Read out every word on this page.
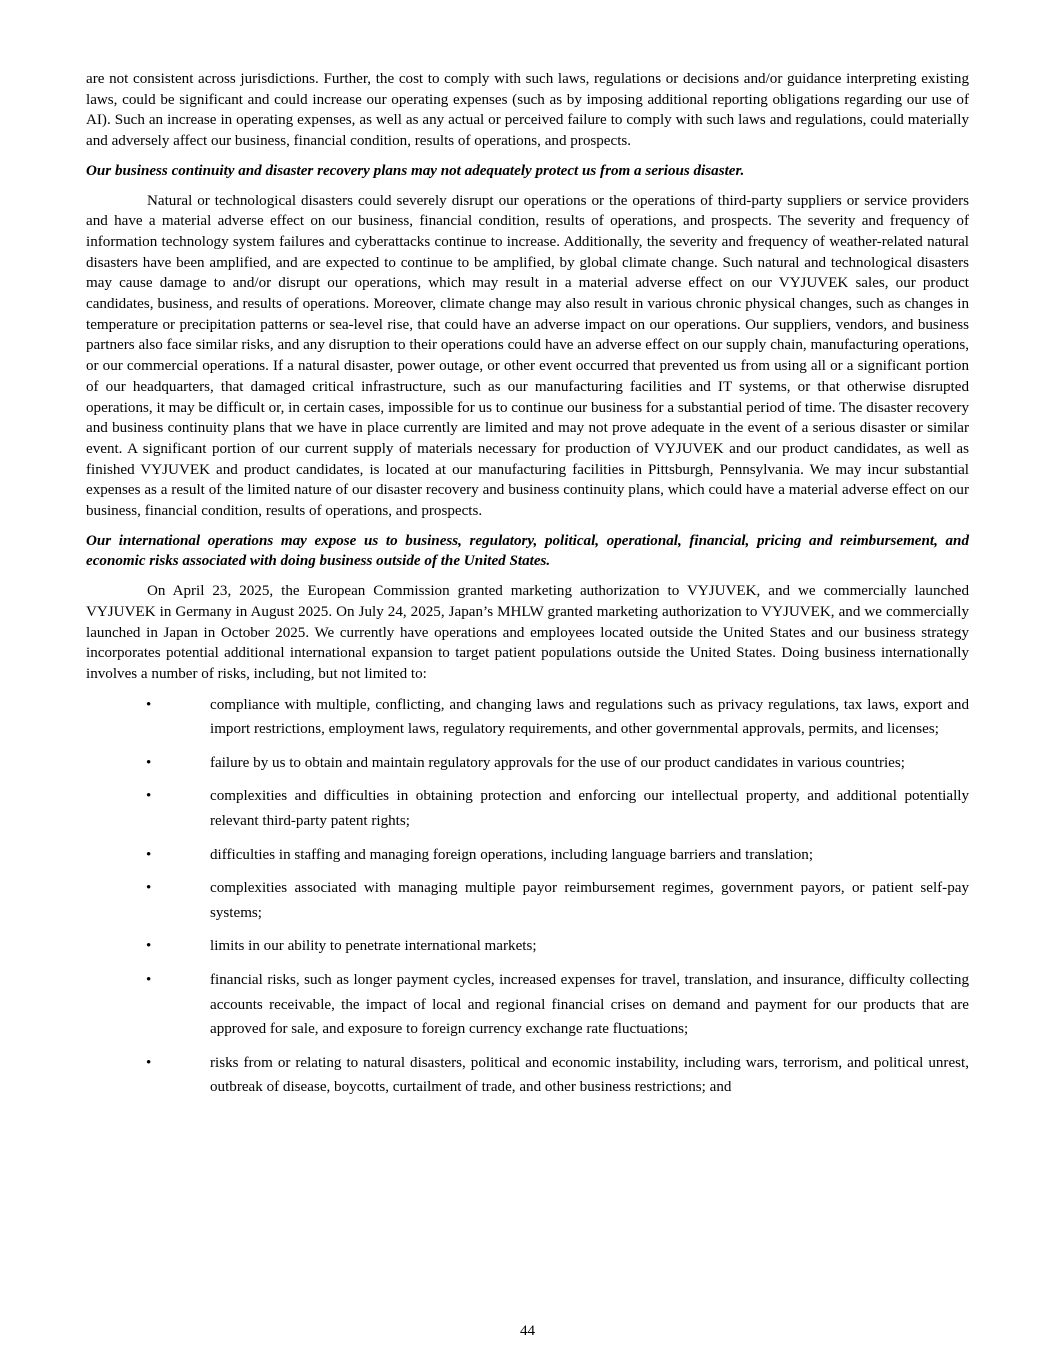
are not consistent across jurisdictions. Further, the cost to comply with such laws, regulations or decisions and/or guidance interpreting existing laws, could be significant and could increase our operating expenses (such as by imposing additional reporting obligations regarding our use of AI). Such an increase in operating expenses, as well as any actual or perceived failure to comply with such laws and regulations, could materially and adversely affect our business, financial condition, results of operations, and prospects.

Our business continuity and disaster recovery plans may not adequately protect us from a serious disaster.

Natural or technological disasters could severely disrupt our operations or the operations of third-party suppliers or service providers and have a material adverse effect on our business, financial condition, results of operations, and prospects. The severity and frequency of information technology system failures and cyberattacks continue to increase. Additionally, the severity and frequency of weather-related natural disasters have been amplified, and are expected to continue to be amplified, by global climate change. Such natural and technological disasters may cause damage to and/or disrupt our operations, which may result in a material adverse effect on our VYJUVEK sales, our product candidates, business, and results of operations. Moreover, climate change may also result in various chronic physical changes, such as changes in temperature or precipitation patterns or sea-level rise, that could have an adverse impact on our operations. Our suppliers, vendors, and business partners also face similar risks, and any disruption to their operations could have an adverse effect on our supply chain, manufacturing operations, or our commercial operations. If a natural disaster, power outage, or other event occurred that prevented us from using all or a significant portion of our headquarters, that damaged critical infrastructure, such as our manufacturing facilities and IT systems, or that otherwise disrupted operations, it may be difficult or, in certain cases, impossible for us to continue our business for a substantial period of time. The disaster recovery and business continuity plans that we have in place currently are limited and may not prove adequate in the event of a serious disaster or similar event. A significant portion of our current supply of materials necessary for production of VYJUVEK and our product candidates, as well as finished VYJUVEK and product candidates, is located at our manufacturing facilities in Pittsburgh, Pennsylvania. We may incur substantial expenses as a result of the limited nature of our disaster recovery and business continuity plans, which could have a material adverse effect on our business, financial condition, results of operations, and prospects.

Our international operations may expose us to business, regulatory, political, operational, financial, pricing and reimbursement, and economic risks associated with doing business outside of the United States.

On April 23, 2025, the European Commission granted marketing authorization to VYJUVEK, and we commercially launched VYJUVEK in Germany in August 2025. On July 24, 2025, Japan’s MHLW granted marketing authorization to VYJUVEK, and we commercially launched in Japan in October 2025. We currently have operations and employees located outside the United States and our business strategy incorporates potential additional international expansion to target patient populations outside the United States. Doing business internationally involves a number of risks, including, but not limited to:

•	compliance with multiple, conflicting, and changing laws and regulations such as privacy regulations, tax laws, export and import restrictions, employment laws, regulatory requirements, and other governmental approvals, permits, and licenses;
•	failure by us to obtain and maintain regulatory approvals for the use of our product candidates in various countries;
•	complexities and difficulties in obtaining protection and enforcing our intellectual property, and additional potentially relevant third-party patent rights;
•	difficulties in staffing and managing foreign operations, including language barriers and translation;
•	complexities associated with managing multiple payor reimbursement regimes, government payors, or patient self-pay systems;
•	limits in our ability to penetrate international markets;
•	financial risks, such as longer payment cycles, increased expenses for travel, translation, and insurance, difficulty collecting accounts receivable, the impact of local and regional financial crises on demand and payment for our products that are approved for sale, and exposure to foreign currency exchange rate fluctuations;
•	risks from or relating to natural disasters, political and economic instability, including wars, terrorism, and political unrest, outbreak of disease, boycotts, curtailment of trade, and other business restrictions; and
44
